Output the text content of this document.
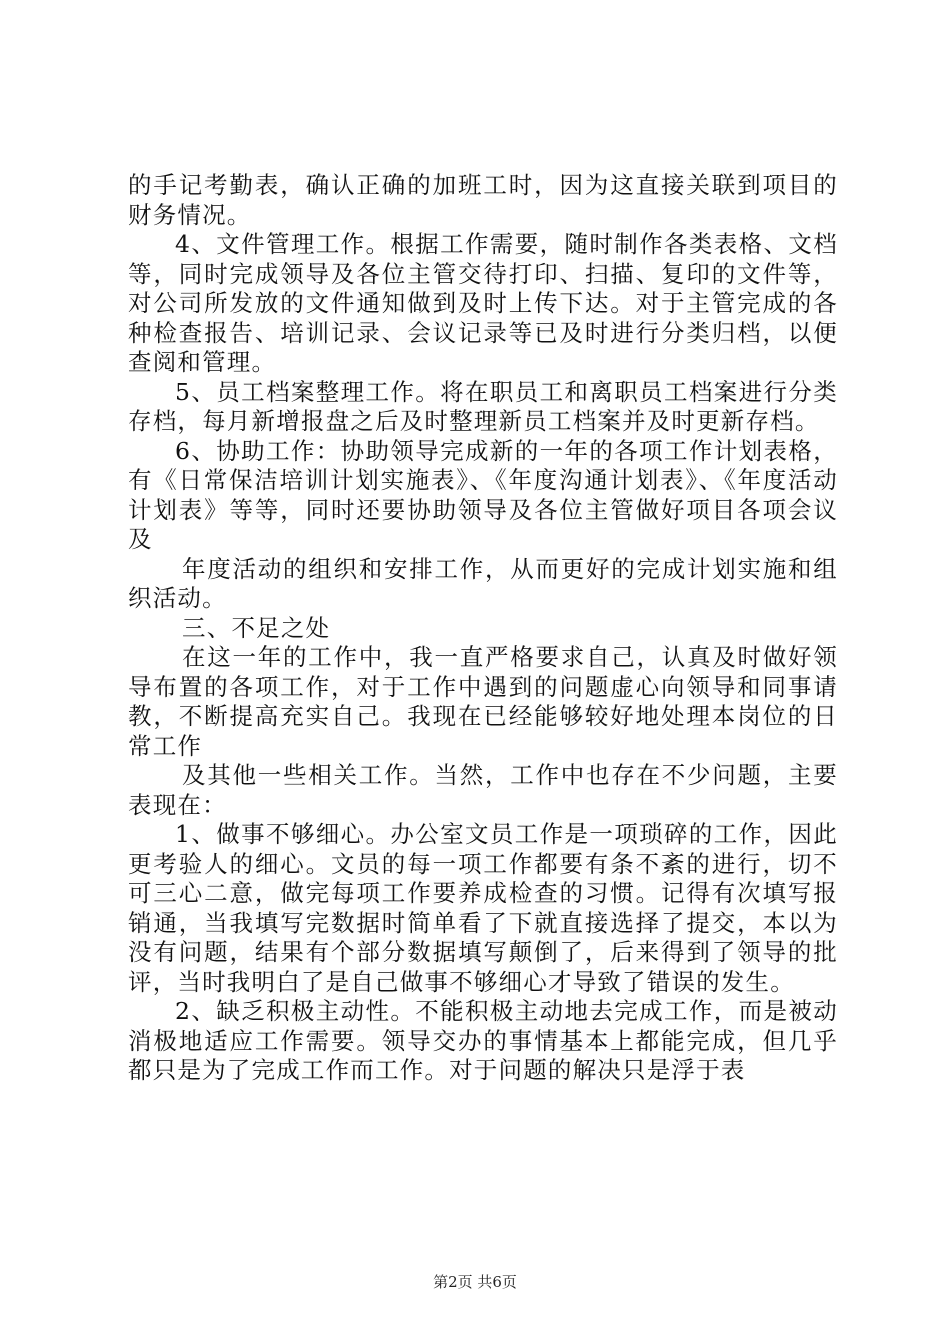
的手记考勤表，确认正确的加班工时，因为这直接关联到项目的财务情况。

4、文件管理工作。根据工作需要，随时制作各类表格、文档等，同时完成领导及各位主管交待打印、扫描、复印的文件等，对公司所发放的文件通知做到及时上传下达。对于主管完成的各种检查报告、培训记录、会议记录等已及时进行分类归档，以便查阅和管理。

5、员工档案整理工作。将在职员工和离职员工档案进行分类存档，每月新增报盘之后及时整理新员工档案并及时更新存档。

6、协助工作：协助领导完成新的一年的各项工作计划表格，有《日常保洁培训计划实施表》、《年度沟通计划表》、《年度活动计划表》等等，同时还要协助领导及各位主管做好项目各项会议及

年度活动的组织和安排工作，从而更好的完成计划实施和组织活动。

三、不足之处

在这一年的工作中，我一直严格要求自己，认真及时做好领导布置的各项工作，对于工作中遇到的问题虚心向领导和同事请教，不断提高充实自己。我现在已经能够较好地处理本岗位的日常工作

及其他一些相关工作。当然，工作中也存在不少问题，主要表现在：

1、做事不够细心。办公室文员工作是一项琐碎的工作，因此更考验人的细心。文员的每一项工作都要有条不紊的进行，切不可三心二意，做完每项工作要养成检查的习惯。记得有次填写报销通，当我填写完数据时简单看了下就直接选择了提交，本以为没有问题，结果有个部分数据填写颠倒了，后来得到了领导的批评，当时我明白了是自己做事不够细心才导致了错误的发生。

2、缺乏积极主动性。不能积极主动地去完成工作，而是被动消极地适应工作需要。领导交办的事情基本上都能完成，但几乎都只是为了完成工作而工作。对于问题的解决只是浮于表

第2页 共6页
